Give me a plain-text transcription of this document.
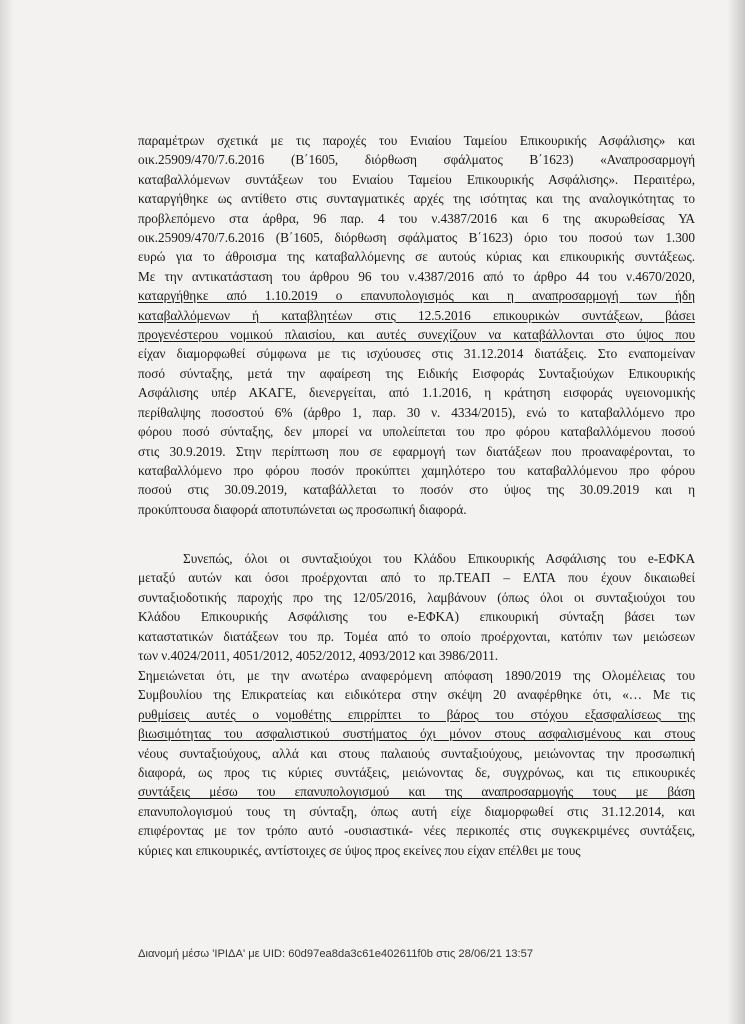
παραμέτρων σχετικά με τις παροχές του Ενιαίου Ταμείου Επικουρικής Ασφάλισης» και
οικ.25909/470/7.6.2016 (Β΄1605, διόρθωση σφάλματος Β΄1623) «Αναπροσαρμογή
καταβαλλόμενων συντάξεων του Ενιαίου Ταμείου Επικουρικής Ασφάλισης». Περαιτέρω,
καταργήθηκε ως αντίθετο στις συνταγματικές αρχές της ισότητας και της αναλογικότητας το
προβλεπόμενο στα άρθρα, 96 παρ. 4 του ν.4387/2016 και 6 της ακυρωθείσας ΥΑ
οικ.25909/470/7.6.2016 (Β΄1605, διόρθωση σφάλματος Β΄1623) όριο του ποσού των 1.300
ευρώ για το άθροισμα της καταβαλλόμενης σε αυτούς κύριας και επικουρικής συντάξεως.
Με την αντικατάσταση του άρθρου 96 του ν.4387/2016 από το άρθρο 44 του ν.4670/2020,
καταργήθηκε από 1.10.2019 ο επανυπολογισμός και η αναπροσαρμογή των ήδη
καταβαλλόμενων ή καταβλητέων στις 12.5.2016 επικουρικών συντάξεων, βάσει
προγενέστερου νομικού πλαισίου, και αυτές συνεχίζουν να καταβάλλονται στο ύψος που
είχαν διαμορφωθεί σύμφωνα με τις ισχύουσες στις 31.12.2014 διατάξεις. Στο εναπομείναν
ποσό σύνταξης, μετά την αφαίρεση της Ειδικής Εισφοράς Συνταξιούχων Επικουρικής
Ασφάλισης υπέρ ΑΚΑΓΕ, διενεργείται, από 1.1.2016, η κράτηση εισφοράς υγειονομικής
περίθαλψης ποσοστού 6% (άρθρο 1, παρ. 30 ν. 4334/2015), ενώ το καταβαλλόμενο προ
φόρου ποσό σύνταξης, δεν μπορεί να υπολείπεται του προ φόρου καταβαλλόμενου ποσού
στις 30.9.2019. Στην περίπτωση που σε εφαρμογή των διατάξεων που προαναφέρονται, το
καταβαλλόμενο προ φόρου ποσόν προκύπτει χαμηλότερο του καταβαλλόμενου προ φόρου
ποσού στις 30.09.2019, καταβάλλεται το ποσόν στο ύψος της 30.09.2019 και η
προκύπτουσα διαφορά αποτυπώνεται ως προσωπική διαφορά.
Συνεπώς, όλοι οι συνταξιούχοι του Κλάδου Επικουρικής Ασφάλισης του e-ΕΦΚΑ
μεταξύ αυτών και όσοι προέρχονται από το πρ.ΤΕΑΠ – ΕΛΤΑ που έχουν δικαιωθεί
συνταξιοδοτικής παροχής προ της 12/05/2016, λαμβάνουν (όπως όλοι οι συνταξιούχοι του
Κλάδου Επικουρικής Ασφάλισης του e-ΕΦΚΑ) επικουρική σύνταξη βάσει των
καταστατικών διατάξεων του πρ. Τομέα από το οποίο προέρχονται, κατόπιν των μειώσεων
των ν.4024/2011, 4051/2012, 4052/2012, 4093/2012 και 3986/2011.
Σημειώνεται ότι, με την ανωτέρω αναφερόμενη απόφαση 1890/2019 της Ολομέλειας του
Συμβουλίου της Επικρατείας και ειδικότερα στην σκέψη 20 αναφέρθηκε ότι, «… Με τις
ρυθμίσεις αυτές ο νομοθέτης επιρρίπτει το βάρος του στόχου εξασφαλίσεως της
βιωσιμότητας του ασφαλιστικού συστήματος όχι μόνον στους ασφαλισμένους και στους
νέους συνταξιούχους, αλλά και στους παλαιούς συνταξιούχους, μειώνοντας την προσωπική
διαφορά, ως προς τις κύριες συντάξεις, μειώνοντας δε, συγχρόνως, και τις επικουρικές
συντάξεις μέσω του επανυπολογισμού και της αναπροσαρμογής τους με βάση
επανυπολογισμού τους τη σύνταξη, όπως αυτή είχε διαμορφωθεί στις 31.12.2014, και
επιφέροντας με τον τρόπο αυτό -ουσιαστικά- νέες περικοπές στις συγκεκριμένες συντάξεις,
κύριες και επικουρικές, αντίστοιχες σε ύψος προς εκείνες που είχαν επέλθει με τους
Διανομή μέσω 'ΙΡΙΔΑ' με UID: 60d97ea8da3c61e402611f0b στις 28/06/21 13:57
